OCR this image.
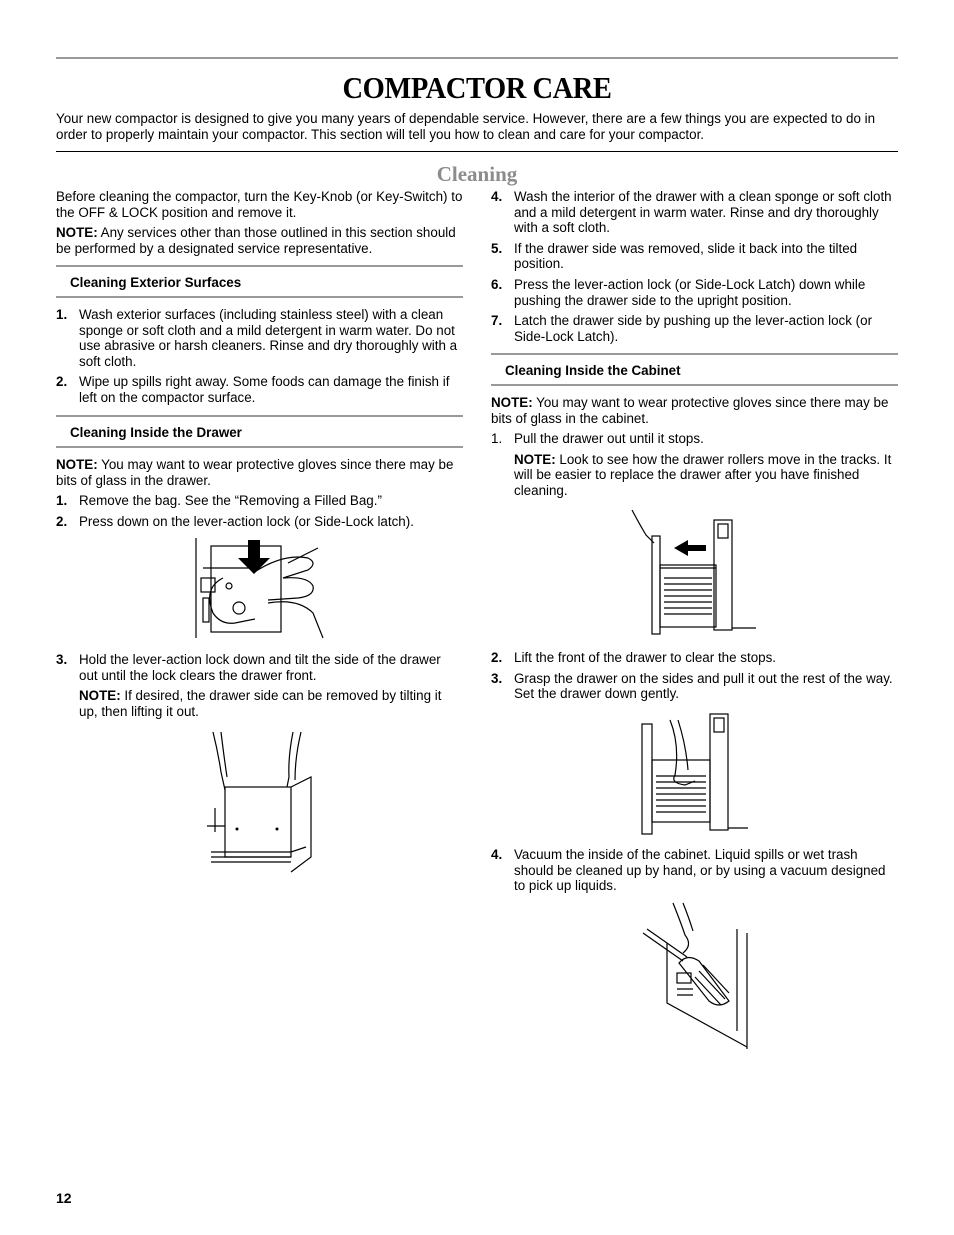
COMPACTOR CARE
Your new compactor is designed to give you many years of dependable service. However, there are a few things you are expected to do in order to properly maintain your compactor. This section will tell you how to clean and care for your compactor.
Cleaning

Before cleaning the compactor, turn the Key-Knob (or Key-Switch) to the OFF & LOCK position and remove it.

NOTE: Any services other than those outlined in this section should be performed by a designated service representative.

Cleaning Exterior Surfaces
1. Wash exterior surfaces (including stainless steel) with a clean sponge or soft cloth and a mild detergent in warm water. Do not use abrasive or harsh cleaners. Rinse and dry thoroughly with a soft cloth.
2. Wipe up spills right away. Some foods can damage the finish if left on the compactor surface.
Cleaning Inside the Drawer

NOTE: You may want to wear protective gloves since there may be bits of glass in the drawer.

1. Remove the bag. See the “Removing a Filled Bag.”
2. Press down on the lever-action lock (or Side-Lock latch).
3. Hold the lever-action lock down and tilt the side of the drawer out until the lock clears the drawer front.

NOTE: If desired, the drawer side can be removed by tilting it up, then lifting it out.

4. Wash the interior of the drawer with a clean sponge or soft cloth and a mild detergent in warm water. Rinse and dry thoroughly with a soft cloth.
5. If the drawer side was removed, slide it back into the tilted position.
6. Press the lever-action lock (or Side-Lock Latch) down while pushing the drawer side to the upright position.
7. Latch the drawer side by pushing up the lever-action lock (or Side-Lock Latch).
Cleaning Inside the Cabinet

NOTE: You may want to wear protective gloves since there may be bits of glass in the cabinet.

1. Pull the drawer out until it stops.

NOTE: Look to see how the drawer rollers move in the tracks. It will be easier to replace the drawer after you have finished cleaning.

2. Lift the front of the drawer to clear the stops.
3. Grasp the drawer on the sides and pull it out the rest of the way. Set the drawer down gently.
4. Vacuum the inside of the cabinet. Liquid spills or wet trash should be cleaned up by hand, or by using a vacuum designed to pick up liquids.
12
